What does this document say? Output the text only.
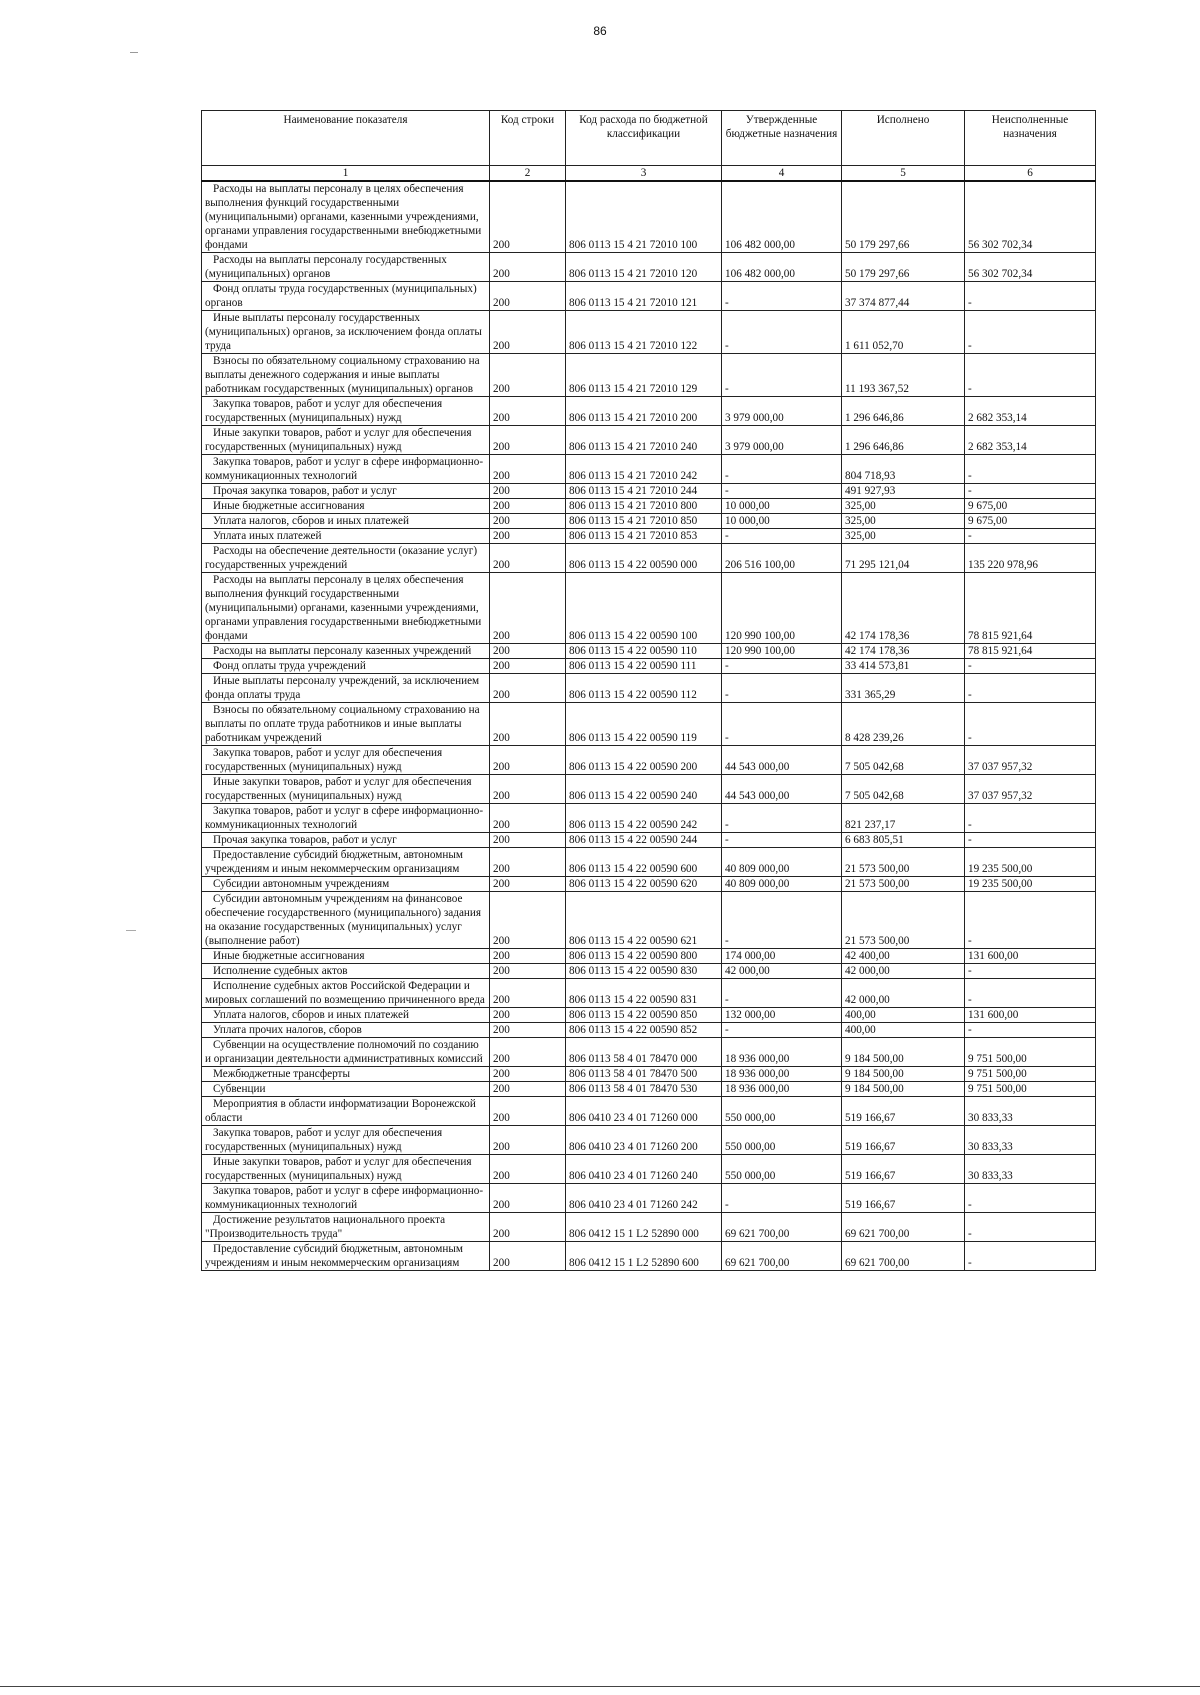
86
Наименование показателя	Код строки	Код расхода по бюджетной классификации	Утвержденные бюджетные назначения	Исполнено	Неисполненные назначения
1	2	3	4	5	6

Расходы на выплаты персоналу в целях обеспечения выполнения функций государственными (муниципальными) органами, казенными учреждениями, органами управления государственными внебюджетными фондами	200	806 0113 15 4 21 72010 100	106 482 000,00	50 179 297,66	56 302 702,34

Расходы на выплаты персоналу государственных (муниципальных) органов	200	806 0113 15 4 21 72010 120	106 482 000,00	50 179 297,66	56 302 702,34

Фонд оплаты труда государственных (муниципальных) органов	200	806 0113 15 4 21 72010 121	-	37 374 877,44	-

Иные выплаты персоналу государственных (муниципальных) органов, за исключением фонда оплаты труда	200	806 0113 15 4 21 72010 122	-	1 611 052,70	-

Взносы по обязательному социальному страхованию на выплаты денежного содержания и иные выплаты работникам государственных (муниципальных) органов	200	806 0113 15 4 21 72010 129	-	11 193 367,52	-

Закупка товаров, работ и услуг для обеспечения государственных (муниципальных) нужд	200	806 0113 15 4 21 72010 200	3 979 000,00	1 296 646,86	2 682 353,14

Иные закупки товаров, работ и услуг для обеспечения государственных (муниципальных) нужд	200	806 0113 15 4 21 72010 240	3 979 000,00	1 296 646,86	2 682 353,14

Закупка товаров, работ и услуг в сфере информационно-коммуникационных технологий	200	806 0113 15 4 21 72010 242	-	804 718,93	-

Прочая закупка товаров, работ и услуг	200	806 0113 15 4 21 72010 244	-	491 927,93	-

Иные бюджетные ассигнования	200	806 0113 15 4 21 72010 800	10 000,00	325,00	9 675,00

Уплата налогов, сборов и иных платежей	200	806 0113 15 4 21 72010 850	10 000,00	325,00	9 675,00

Уплата иных платежей	200	806 0113 15 4 21 72010 853	-	325,00	-

Расходы на обеспечение деятельности (оказание услуг) государственных учреждений	200	806 0113 15 4 22 00590 000	206 516 100,00	71 295 121,04	135 220 978,96

Расходы на выплаты персоналу в целях обеспечения выполнения функций государственными (муниципальными) органами, казенными учреждениями, органами управления государственными внебюджетными фондами	200	806 0113 15 4 22 00590 100	120 990 100,00	42 174 178,36	78 815 921,64

Расходы на выплаты персоналу казенных учреждений	200	806 0113 15 4 22 00590 110	120 990 100,00	42 174 178,36	78 815 921,64

Фонд оплаты труда учреждений	200	806 0113 15 4 22 00590 111	-	33 414 573,81	-

Иные выплаты персоналу учреждений, за исключением фонда оплаты труда	200	806 0113 15 4 22 00590 112	-	331 365,29	-

Взносы по обязательному социальному страхованию на выплаты по оплате труда работников и иные выплаты работникам учреждений	200	806 0113 15 4 22 00590 119	-	8 428 239,26	-

Закупка товаров, работ и услуг для обеспечения государственных (муниципальных) нужд	200	806 0113 15 4 22 00590 200	44 543 000,00	7 505 042,68	37 037 957,32

Иные закупки товаров, работ и услуг для обеспечения государственных (муниципальных) нужд	200	806 0113 15 4 22 00590 240	44 543 000,00	7 505 042,68	37 037 957,32

Закупка товаров, работ и услуг в сфере информационно-коммуникационных технологий	200	806 0113 15 4 22 00590 242	-	821 237,17	-

Прочая закупка товаров, работ и услуг	200	806 0113 15 4 22 00590 244	-	6 683 805,51	-

Предоставление субсидий бюджетным, автономным учреждениям и иным некоммерческим организациям	200	806 0113 15 4 22 00590 600	40 809 000,00	21 573 500,00	19 235 500,00

Субсидии автономным учреждениям	200	806 0113 15 4 22 00590 620	40 809 000,00	21 573 500,00	19 235 500,00

Субсидии автономным учреждениям на финансовое обеспечение государственного (муниципального) задания на оказание государственных (муниципальных) услуг (выполнение работ)	200	806 0113 15 4 22 00590 621	-	21 573 500,00	-

Иные бюджетные ассигнования	200	806 0113 15 4 22 00590 800	174 000,00	42 400,00	131 600,00

Исполнение судебных актов	200	806 0113 15 4 22 00590 830	42 000,00	42 000,00	-

Исполнение судебных актов Российской Федерации и мировых соглашений по возмещению причиненного вреда	200	806 0113 15 4 22 00590 831	-	42 000,00	-

Уплата налогов, сборов и иных платежей	200	806 0113 15 4 22 00590 850	132 000,00	400,00	131 600,00

Уплата прочих налогов, сборов	200	806 0113 15 4 22 00590 852	-	400,00	-

Субвенции на осуществление полномочий по созданию и организации деятельности административных комиссий	200	806 0113 58 4 01 78470 000	18 936 000,00	9 184 500,00	9 751 500,00

Межбюджетные трансферты	200	806 0113 58 4 01 78470 500	18 936 000,00	9 184 500,00	9 751 500,00

Субвенции	200	806 0113 58 4 01 78470 530	18 936 000,00	9 184 500,00	9 751 500,00

Мероприятия в области информатизации Воронежской области	200	806 0410 23 4 01 71260 000	550 000,00	519 166,67	30 833,33

Закупка товаров, работ и услуг для обеспечения государственных (муниципальных) нужд	200	806 0410 23 4 01 71260 200	550 000,00	519 166,67	30 833,33

Иные закупки товаров, работ и услуг для обеспечения государственных (муниципальных) нужд	200	806 0410 23 4 01 71260 240	550 000,00	519 166,67	30 833,33

Закупка товаров, работ и услуг в сфере информационно-коммуникационных технологий	200	806 0410 23 4 01 71260 242	-	519 166,67	-

Достижение результатов национального проекта "Производительность труда"	200	806 0412 15 1 L2 52890 000	69 621 700,00	69 621 700,00	-

Предоставление субсидий бюджетным, автономным учреждениям и иным некоммерческим организациям	200	806 0412 15 1 L2 52890 600	69 621 700,00	69 621 700,00	-
